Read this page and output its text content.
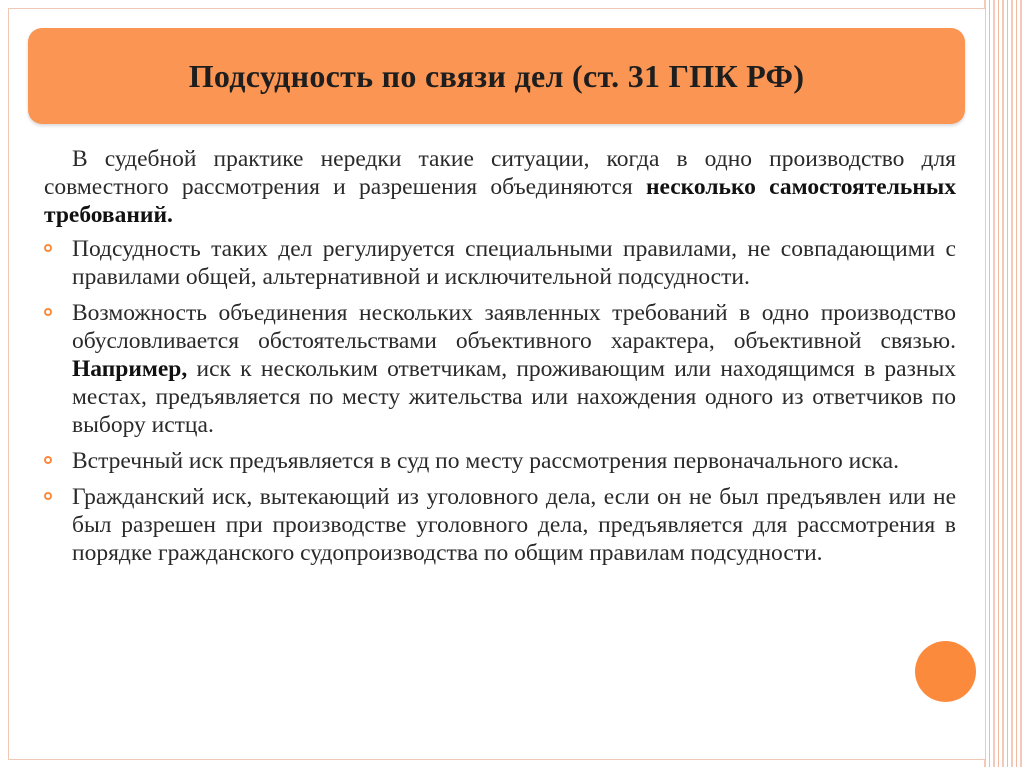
Подсудность по связи дел (ст. 31 ГПК РФ)

В судебной практике нередки такие ситуации, когда в одно производство для совместного рассмотрения и разрешения объединяются несколько самостоятельных требований.

Подсудность таких дел регулируется специальными правилами, не совпадающими с правилами общей, альтернативной и исключительной подсудности.
Возможность объединения нескольких заявленных требований в одно производство обусловливается обстоятельствами объективного характера, объективной связью. Например, иск к нескольким ответчикам, проживающим или находящимся в разных местах, предъявляется по месту жительства или нахождения одного из ответчиков по выбору истца.
Встречный иск предъявляется в суд по месту рассмотрения первоначального иска.
Гражданский иск, вытекающий из уголовного дела, если он не был предъявлен или не был разрешен при производстве уголовного дела, предъявляется для рассмотрения в порядке гражданского судопроизводства по общим правилам подсудности.
